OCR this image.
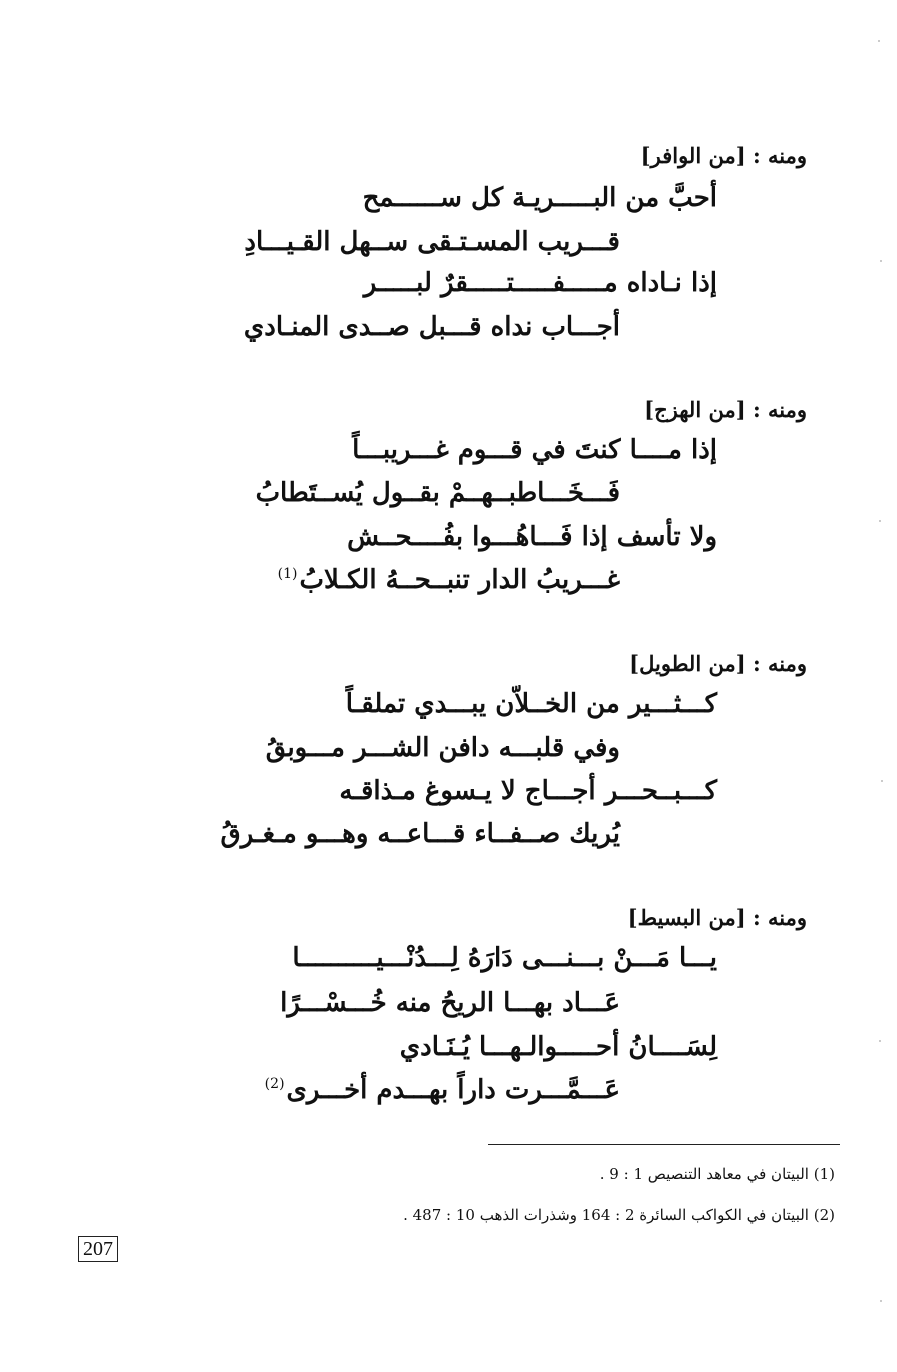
ومنه : [من الوافر]
أحبَّ من البـــــريـة كل ســــــمح
قـــريب المسـتـقى ســهل القـيـــادِ
إذا نـاداه مـــــفـــــتـــــقرٌ لبـــــر
أجـــاب نداه قـــبل صــدى المنـادي
ومنه : [من الهزج]
إذا مــــا كنتَ في قـــوم غـــريبـــاً
فَـــخَـــاطبــهــمْ بقــول يُســتَطابُ
ولا تأسف إذا فَـــاهُـــوا بفُــــحــش
غـــريبُ الدار تنبــحــهُ الكـلابُ$^{(1)}$
ومنه : [من الطويل]
كـــثـــير من الخــلاّن يبـــدي تملقـاً
وفي قلبـــه دافن الشـــر مـــوبقُ
كـــبــحـــر أجـــاج لا يـسوغ مـذاقـه
يُريك صــفــاء قـــاعــه وهـــو مـغـرقُ
ومنه : [من البسيط]
يـــا مَـــنْ بـــنـــى دَارَهُ لِـــدُنْـــيــــــــــا
عَـــاد بهـــا الريحُ منه خُـــسْـــرًا
لِسَــــانُ أحـــــوالـهـــا يُـنَـادي
عَـــمَّـــرت داراً بهـــدم أخـــرى$^{(2)}$
(1) البيتان في معاهد التنصيص 1 : 9 .
(2) البيتان في الكواكب السائرة 2 : 164 وشذرات الذهب 10 : 487 .
207
